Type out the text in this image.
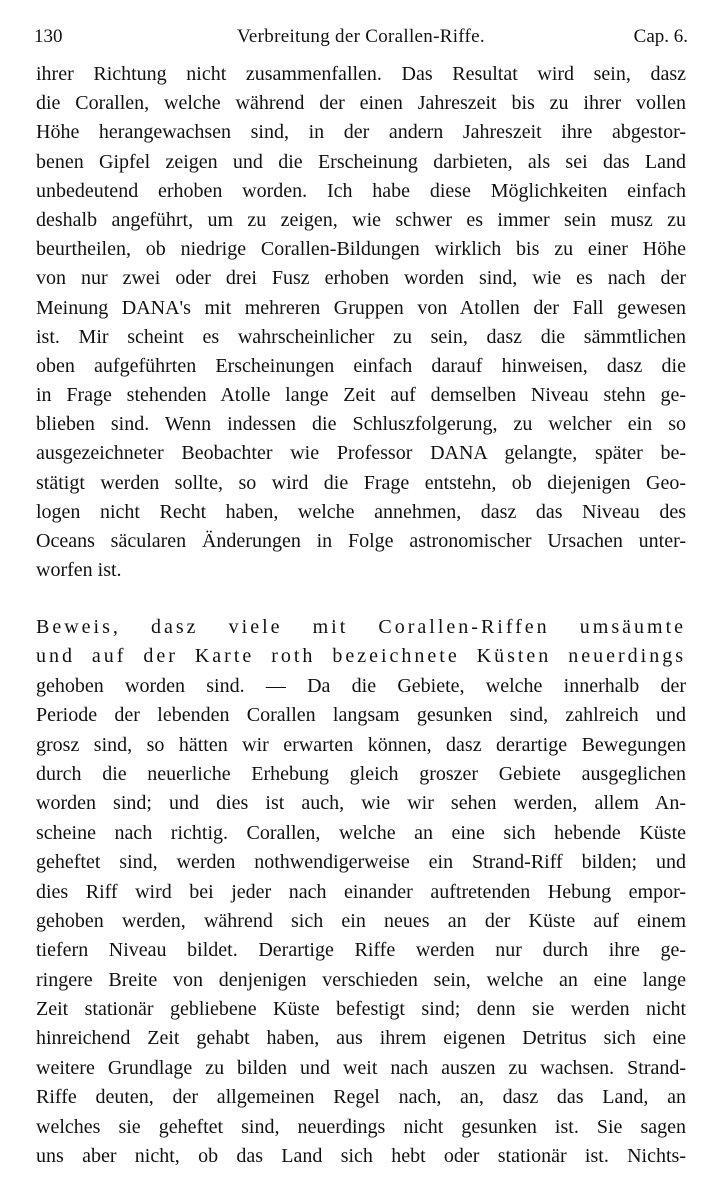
130	Verbreitung der Corallen-Riffe.	Cap. 6.
ihrer Richtung nicht zusammenfallen. Das Resultat wird sein, dasz
die Corallen, welche während der einen Jahreszeit bis zu ihrer vollen
Höhe herangewachsen sind, in der andern Jahreszeit ihre abgestor-
benen Gipfel zeigen und die Erscheinung darbieten, als sei das Land
unbedeutend erhoben worden. Ich habe diese Möglichkeiten einfach
deshalb angeführt, um zu zeigen, wie schwer es immer sein musz zu
beurtheilen, ob niedrige Corallen-Bildungen wirklich bis zu einer Höhe
von nur zwei oder drei Fusz erhoben worden sind, wie es nach der
Meinung DANA's mit mehreren Gruppen von Atollen der Fall gewesen
ist. Mir scheint es wahrscheinlicher zu sein, dasz die sämmtlichen
oben aufgeführten Erscheinungen einfach darauf hinweisen, dasz die
in Frage stehenden Atolle lange Zeit auf demselben Niveau stehn ge-
blieben sind. Wenn indessen die Schluszfolgerung, zu welcher ein so
ausgezeichneter Beobachter wie Professor DANA gelangte, später be-
stätigt werden sollte, so wird die Frage entstehn, ob diejenigen Geo-
logen nicht Recht haben, welche annehmen, dasz das Niveau des
Oceans säcularen Änderungen in Folge astronomischer Ursachen unter-
worfen ist.
Beweis, dasz viele mit Corallen-Riffen umsäumte
und auf der Karte roth bezeichnete Küsten neuerdings
gehoben worden sind. — Da die Gebiete, welche innerhalb der
Periode der lebenden Corallen langsam gesunken sind, zahlreich und
grosz sind, so hätten wir erwarten können, dasz derartige Bewegungen
durch die neuerliche Erhebung gleich groszer Gebiete ausgeglichen
worden sind; und dies ist auch, wie wir sehen werden, allem An-
scheine nach richtig. Corallen, welche an eine sich hebende Küste
geheftet sind, werden nothwendigerweise ein Strand-Riff bilden; und
dies Riff wird bei jeder nach einander auftretenden Hebung empor-
gehoben werden, während sich ein neues an der Küste auf einem
tiefern Niveau bildet. Derartige Riffe werden nur durch ihre ge-
ringere Breite von denjenigen verschieden sein, welche an eine lange
Zeit stationär gebliebene Küste befestigt sind; denn sie werden nicht
hinreichend Zeit gehabt haben, aus ihrem eigenen Detritus sich eine
weitere Grundlage zu bilden und weit nach auszen zu wachsen. Strand-
Riffe deuten, der allgemeinen Regel nach, an, dasz das Land, an
welches sie geheftet sind, neuerdings nicht gesunken ist. Sie sagen
uns aber nicht, ob das Land sich hebt oder stationär ist. Nichts-
